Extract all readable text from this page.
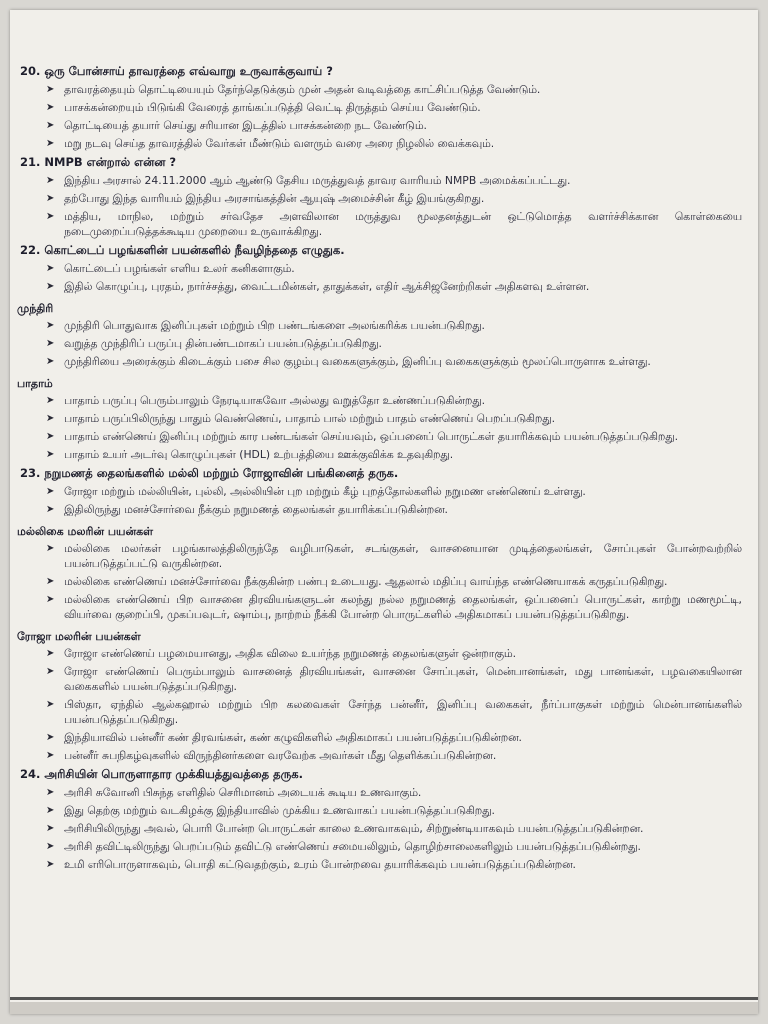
20. ஒரு போன்சாய் தாவரத்தை எவ்வாறு உருவாக்குவாய் ?
➤ தாவரத்தையும் தொட்டியையும் தேர்ந்தெடுக்கும் முன் அதன் வடிவத்தை காட்சிப்படுத்த வேண்டும்.
➤ பாசக்கன்றையும் பிடுங்கி வேரைத் தாங்கப்படுத்தி வெட்டி திருத்தம் செய்ய வேண்டும்.
➤ தொட்டியைத் தயார் செய்து சரியான இடத்தில் பாசக்கன்றை நட வேண்டும்.
➤ மறு நடவு செய்த தாவரத்தில் வேர்கள் மீண்டும் வளரும் வரை அரை நிழலில் வைக்கவும்.
21. NMPB என்றால் என்ன ?
➤ இந்திய அரசால் 24.11.2000 ஆம் ஆண்டு தேசிய மருத்துவத் தாவர வாரியம் NMPB அமைக்கப்பட்டது.
➤ தற்போது இந்த வாரியம் இந்திய அரசாங்கத்தின் ஆயுஷ் அமைச்சின் கீழ் இயங்குகிறது.
➤ மத்திய, மாநில, மற்றும் சர்வதேச அளவிலான மருத்துவ மூலதனத்துடன் ஒட்டுமொத்த வளர்ச்சிக்கான கொள்கையை நடைமுறைப்படுத்தக்கூடிய முறையை உருவாக்கிறது.
22. கொட்டைப் பழங்களின் பயன்களில் நீவழிந்ததை எழுதுக.
➤ கொட்டைப் பழங்கள் எளிய உலர் கனிகளாகும்.
➤ இதில் கொழுப்பு, புரதம், நார்ச்சத்து, வைட்டமின்கள், தாதுக்கள், எதிர் ஆக்சிஜனேற்றிகள் அதிகளவு உள்ளன.
முந்திரி
➤ முந்திரி பொதுவாக இனிப்புகள் மற்றும் பிற பண்டங்களை அலங்கரிக்க பயன்படுகிறது.
➤ வறுத்த முந்திரிப் பருப்பு தின்பண்டமாகப் பயன்படுத்தப்படுகிறது.
➤ முந்திரியை அரைக்கும் கிடைக்கும் பசை சில குழம்பு வகைகளுக்கும், இனிப்பு வகைகளுக்கும் மூலப்பொருளாக உள்ளது.
பாதாம்
➤ பாதாம் பருப்பு பெரும்பாலும் நேரடியாகவோ அல்லது வறுத்தோ உண்ணப்படுகின்றது.
➤ பாதாம் பருப்பிலிருந்து பாதும் வெண்ணெய், பாதாம் பால் மற்றும் பாதம் எண்ணெய் பெறப்படுகிறது.
➤ பாதாம் எண்ணெய் இனிப்பு மற்றும் கார பண்டங்கள் செய்யவும், ஒப்பனைப் பொருட்கள் தயாரிக்கவும் பயன்படுத்தப்படுகிறது.
➤ பாதாம் உயர் அடர்வு கொழுப்புகள் (HDL) உற்பத்தியை ஊக்குவிக்க உதவுகிறது.
23. நறுமணத் தைலங்களில் மல்லி மற்றும் ரோஜாவின் பங்கினைத் தருக.
➤ ரோஜா மற்றும் மல்லியின், புல்லி, அல்லியின் புற மற்றும் கீழ் புறத்தோல்களில் நறுமண எண்ணெய் உள்ளது.
➤ இதிலிருந்து மனச்சோர்வை நீக்கும் நறுமணத் தைலங்கள் தயாரிக்கப்படுகின்றன.
மல்லிகை மலரின் பயன்கள்
➤ மல்லிகை மலர்கள் பழங்காலத்திலிருந்தே வழிபாடுகள், சடங்குகள், வாசனையான முடித்தைலங்கள், சோப்புகள் போன்றவற்றில் பயன்படுத்தப்பட்டு வருகின்றன.
➤ மல்லிகை எண்ணெய் மனச்சோர்வை நீக்குகின்ற பண்பு உடையது. ஆதலால் மதிப்பு வாய்ந்த எண்ணெயாகக் கருதப்படுகிறது.
➤ மல்லிகை எண்ணெய் பிற வாசனை திரவியங்களுடன் கலந்து நல்ல நறுமணத் தைலங்கள், ஒப்பனைப் பொருட்கள், காற்று மணமூட்டி, வியர்வை குறைப்பி, முகப்பவுடர், ஷாம்பு, நாற்றம் நீக்கி போன்ற பொருட்களில் அதிகமாகப் பயன்படுத்தப்படுகிறது.
ரோஜா மலரின் பயன்கள்
➤ ரோஜா எண்ணெய் பழமையானது, அதிக விலை உயர்ந்த நறுமணத் தைலங்களுள் ஒன்றாகும்.
➤ ரோஜா எண்ணெய் பெரும்பாலும் வாசனைத் திரவியங்கள், வாசனை சோப்புகள், மென்பானங்கள், மது பானங்கள், பழவகையிலான வகைகளில் பயன்படுத்தப்படுகிறது.
➤ பிஸ்தா, ஏந்தில் ஆல்கஹால் மற்றும் பிற கலவைகள் சேர்ந்த பன்னீர், இனிப்பு வகைகள், நீர்ப்பாகுகள் மற்றும் மென்பானங்களில் பயன்படுத்தப்படுகிறது.
➤ இந்தியாவில் பன்னீர் கண் திரவங்கள், கண் கழுவிகளில் அதிகமாகப் பயன்படுத்தப்படுகின்றன.
➤ பன்னீர் சுபநிகழ்வுகளில் விருந்தினர்களை வரவேற்க அவர்கள் மீது தெளிக்கப்படுகின்றன.
24. அரிசியின் பொருளாதார முக்கியத்துவத்தை தருக.
➤ அரிசி சுவோனி பிசுந்த எளிதில் செரிமானம் அடையக் கூடிய உணவாகும்.
➤ இது தெற்கு மற்றும் வடகிழக்கு இந்தியாவில் முக்கிய உணவாகப் பயன்படுத்தப்படுகிறது.
➤ அரிசியிலிருந்து அவல், பொரி போன்ற பொருட்கள் காலை உணவாகவும், சிற்றுண்டியாகவும் பயன்படுத்தப்படுகின்றன.
➤ அரிசி தவிட்டிலிருந்து பெறப்படும் தவிட்டு எண்ணெய் சமையலிலும், தொழிற்சாலைகளிலும் பயன்படுத்தப்படுகின்றது.
➤ உமி எரிபொருளாகவும், பொதி கட்டுவதற்கும், உரம் போன்றவை தயாரிக்கவும் பயன்படுத்தப்படுகின்றன.
